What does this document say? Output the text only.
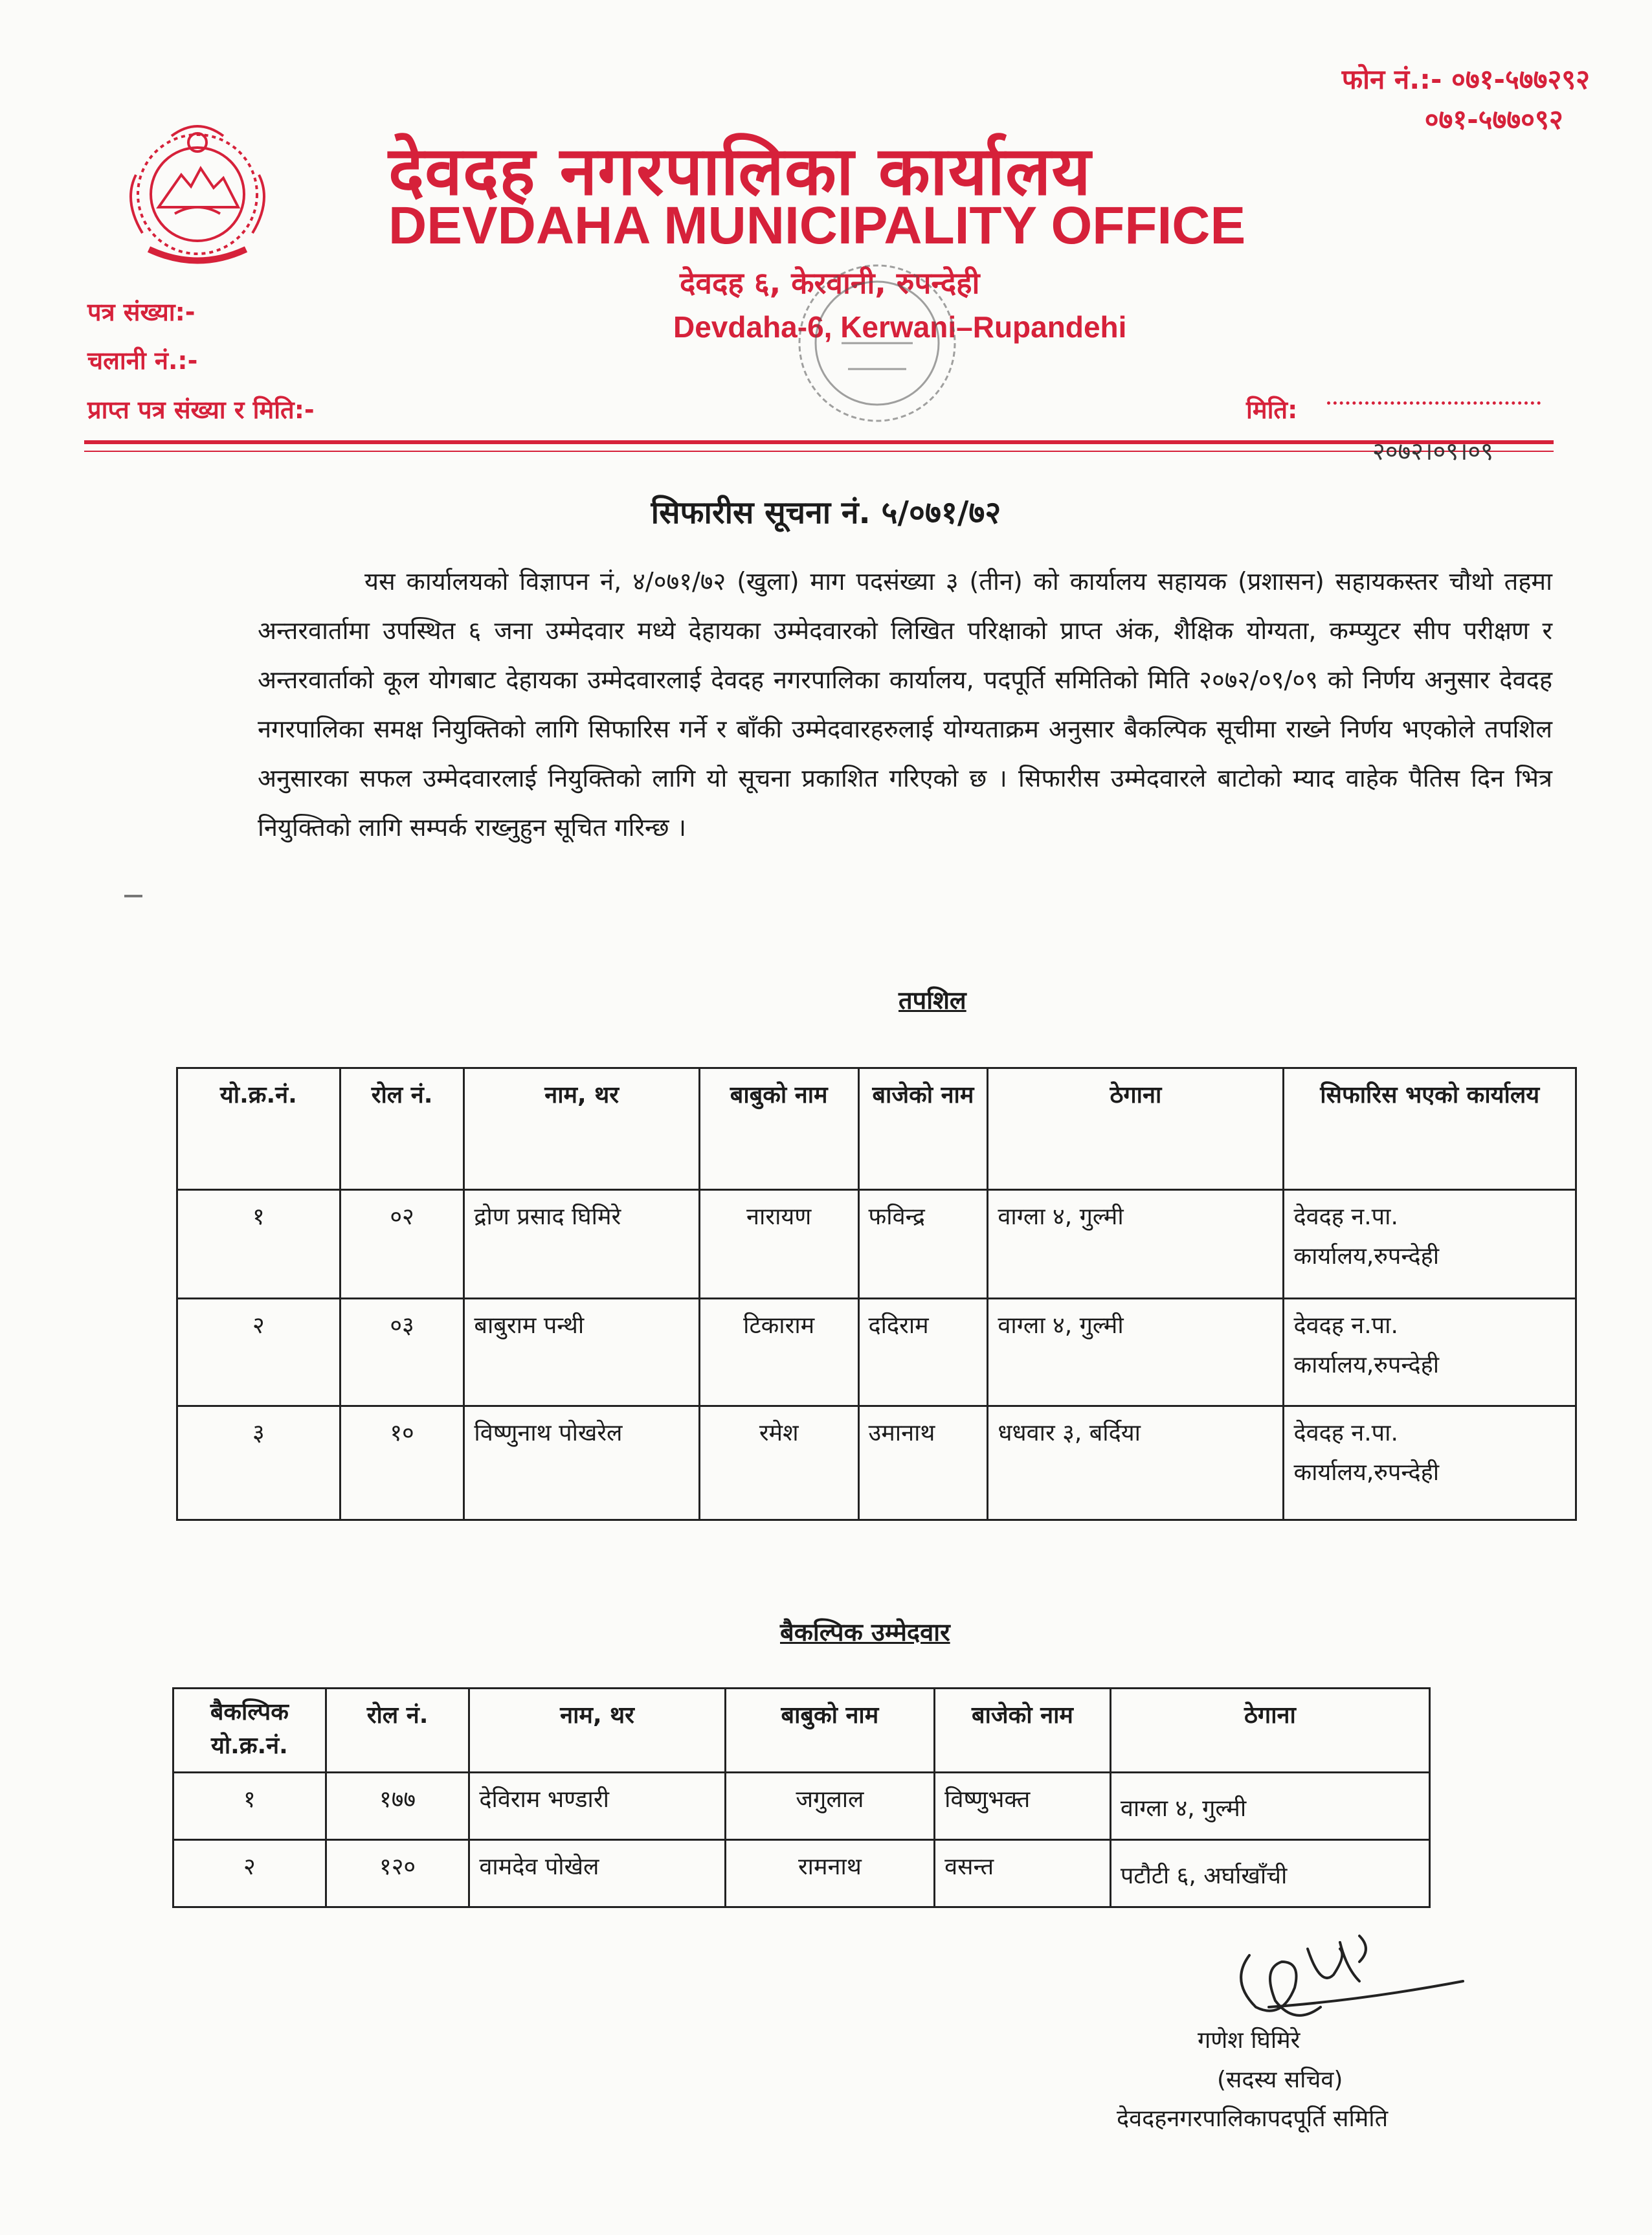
फोन नं.:- ०७१-५७७२९२
०७१-५७७०९२
देवदह नगरपालिका कार्यालय
DEVDAHA MUNICIPALITY OFFICE
देवदह ६, केरवानी, रुपन्देही
Devdaha-6, Kerwani–Rupandehi
पत्र संख्या:-
चलानी नं.:-
प्राप्त पत्र संख्या र मिति:-	मिति:
२०७२।०९।०९
सिफारीस सूचना नं. ५/०७१/७२

यस कार्यालयको विज्ञापन नं, ४/०७१/७२ (खुला) माग पदसंख्या ३ (तीन) को कार्यालय सहायक (प्रशासन) सहायकस्तर चौथो तहमा अन्तरवार्तामा उपस्थित ६ जना उम्मेदवार मध्ये देहायका उम्मेदवारको लिखित परिक्षाको प्राप्त अंक, शैक्षिक योग्यता, कम्प्युटर सीप परीक्षण र अन्तरवार्ताको कूल योगबाट देहायका उम्मेदवारलाई देवदह नगरपालिका कार्यालय, पदपूर्ति समितिको मिति २०७२/०९/०९ को निर्णय अनुसार देवदह नगरपालिका समक्ष नियुक्तिको लागि सिफारिस गर्ने र बाँकी उम्मेदवारहरुलाई योग्यताक्रम अनुसार बैकल्पिक सूचीमा राख्ने निर्णय भएकोले तपशिल अनुसारका सफल उम्मेदवारलाई नियुक्तिको लागि यो सूचना प्रकाशित गरिएको छ । सिफारीस उम्मेदवारले बाटोको म्याद वाहेक पैतिस दिन भित्र नियुक्तिको लागि सम्पर्क राख्नुहुन सूचित गरिन्छ ।

तपशिल
यो.क्र.नं.	रोल नं.	नाम, थर	बाबुको नाम	बाजेको नाम	ठेगाना	सिफारिस भएको कार्यालय
१	०२	द्रोण प्रसाद घिमिरे	नारायण	फविन्द्र	वाग्ला ४, गुल्मी	देवदह न.पा.
कार्यालय,रुपन्देही

२	०३	बाबुराम पन्थी	टिकाराम	ददिराम	वाग्ला ४, गुल्मी	देवदह न.पा.
कार्यालय,रुपन्देही

३	१०	विष्णुनाथ पोखरेल	रमेश	उमानाथ	धधवार ३, बर्दिया	देवदह न.पा.
कार्यालय,रुपन्देही
बैकल्पिक उम्मेदवार
बैकल्पिक यो.क्र.नं.	रोल नं.	नाम, थर	बाबुको नाम	बाजेको नाम	ठेगाना
१	१७७	देविराम भण्डारी	जगुलाल	विष्णुभक्त	वाग्ला ४, गुल्मी
२	१२०	वामदेव पोखेल	रामनाथ	वसन्त	पटौटी ६, अर्घाखाँची
गणेश घिमिरे
(सदस्य सचिव)
देवदहनगरपालिकापदपूर्ति समिति
